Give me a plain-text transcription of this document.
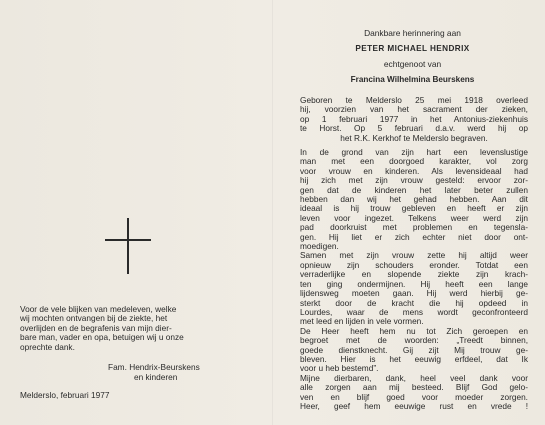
Voor de vele blijken van medeleven, welke
wij mochten ontvangen bij de ziekte, het
overlijden en de begrafenis van mijn dier-
bare man, vader en opa, betuigen wij u onze
oprechte dank.
Fam. Hendrix-Beurskens
en kinderen
Melderslo, februari 1977
Dankbare herinnering aan
PETER MICHAEL HENDRIX
echtgenoot van
Francina Wilhelmina Beurskens
Geboren te Melderslo 25 mei 1918 overleed
hij, voorzien van het sacrament der zieken,
op 1 februari 1977 in het Antonius-ziekenhuis
te Horst. Op 5 februari d.a.v. werd hij op
het R.K. Kerkhof te Melderslo begraven.
In de grond van zijn hart een levenslustige
man met een doorgoed karakter, vol zorg
voor vrouw en kinderen. Als levensideaal had
hij zich met zijn vrouw gesteld: ervoor zor-
gen dat de kinderen het later beter zullen
hebben dan wij het gehad hebben. Aan dit
ideaal is hij trouw gebleven en heeft er zijn
leven voor ingezet. Telkens weer werd zijn
pad doorkruist met problemen en tegensla-
gen. Hij liet er zich echter niet door ont-
moedigen.
Samen met zijn vrouw zette hij altijd weer
opnieuw zijn schouders eronder. Totdat een
verraderlijke en slopende ziekte zijn krach-
ten ging ondermijnen. Hij heeft een lange
lijdensweg moeten gaan. Hij werd hierbij ge-
sterkt door de kracht die hij opdeed in
Lourdes, waar de mens wordt geconfronteerd
met leed en lijden in vele vormen.
De Heer heeft hem nu tot Zich geroepen en
begroet met de woorden: „Treedt binnen,
goede dienstknecht. Gij zijt Mij trouw ge-
bleven. Hier is het eeuwig erfdeel, dat Ik
voor u heb bestemd”.
Mijne dierbaren, dank, heel veel dank voor
alle zorgen aan mij besteed. Blijf God gelo-
ven en blijf goed voor moeder zorgen.
Heer, geef hem eeuwige rust en vrede !
